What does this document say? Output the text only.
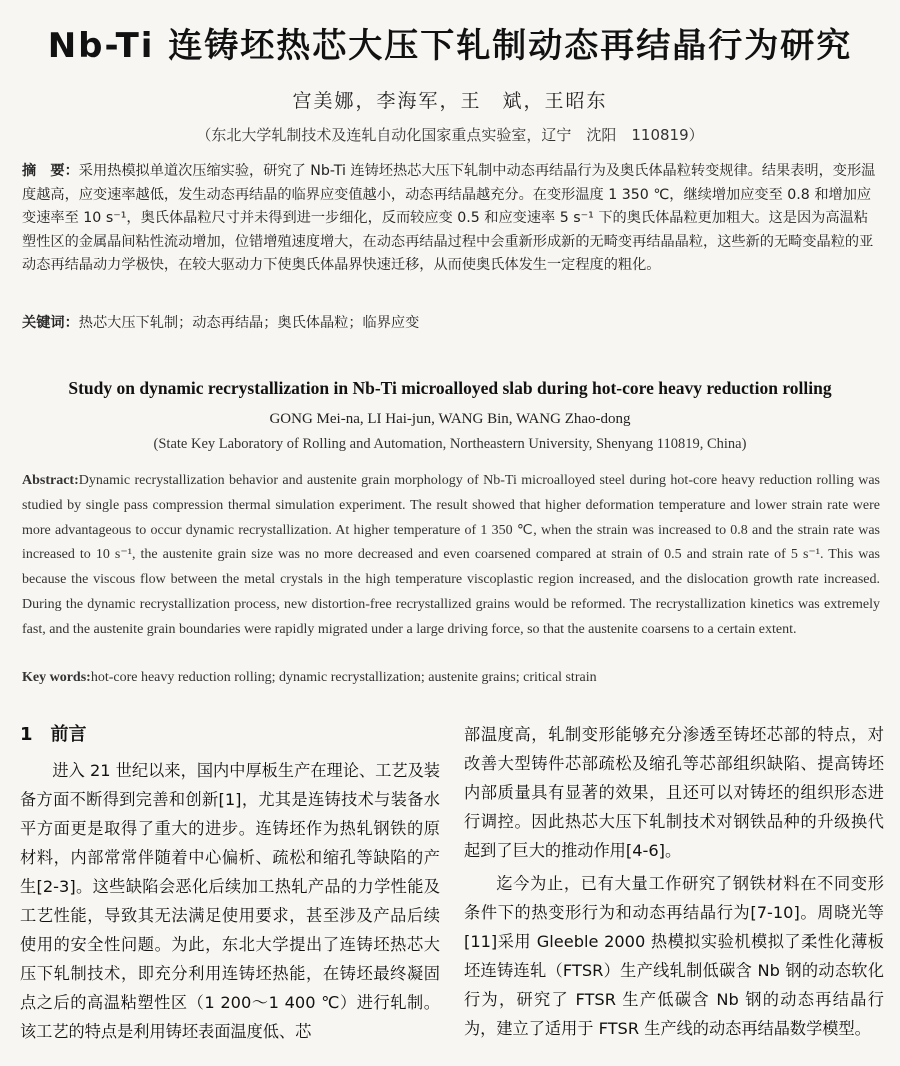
Nb-Ti 连铸坯热芯大压下轧制动态再结晶行为研究
宫美娜，李海军，王　斌，王昭东
（东北大学轧制技术及连轧自动化国家重点实验室，辽宁　沈阳　110819）
摘　要：采用热模拟单道次压缩实验，研究了 Nb-Ti 连铸坯热芯大压下轧制中动态再结晶行为及奥氏体晶粒转变规律。结果表明，变形温度越高，应变速率越低，发生动态再结晶的临界应变值越小，动态再结晶越充分。在变形温度 1 350 ℃，继续增加应变至 0.8 和增加应变速率至 10 s⁻¹，奥氏体晶粒尺寸并未得到进一步细化，反而较应变 0.5 和应变速率 5 s⁻¹ 下的奥氏体晶粒更加粗大。这是因为高温粘塑性区的金属晶间粘性流动增加，位错增殖速度增大，在动态再结晶过程中会重新形成新的无畸变再结晶晶粒，这些新的无畸变晶粒的亚动态再结晶动力学极快，在较大驱动力下使奥氏体晶界快速迁移，从而使奥氏体发生一定程度的粗化。
关键词：热芯大压下轧制；动态再结晶；奥氏体晶粒；临界应变
Study on dynamic recrystallization in Nb-Ti microalloyed slab during hot-core heavy reduction rolling
GONG Mei-na, LI Hai-jun, WANG Bin, WANG Zhao-dong
(State Key Laboratory of Rolling and Automation, Northeastern University, Shenyang 110819, China)
Abstract:Dynamic recrystallization behavior and austenite grain morphology of Nb-Ti microalloyed steel during hot-core heavy reduction rolling was studied by single pass compression thermal simulation experiment. The result showed that higher deformation temperature and lower strain rate were more advantageous to occur dynamic recrystallization. At higher temperature of 1 350 ℃, when the strain was increased to 0.8 and the strain rate was increased to 10 s⁻¹, the austenite grain size was no more decreased and even coarsened compared at strain of 0.5 and strain rate of 5 s⁻¹. This was because the viscous flow between the metal crystals in the high temperature viscoplastic region increased, and the dislocation growth rate increased. During the dynamic recrystallization process, new distortion-free recrystallized grains would be reformed. The recrystallization kinetics was extremely fast, and the austenite grain boundaries were rapidly migrated under a large driving force, so that the austenite coarsens to a certain extent.
Key words:hot-core heavy reduction rolling; dynamic recrystallization; austenite grains; critical strain
1　前言

进入 21 世纪以来，国内中厚板生产在理论、工艺及装备方面不断得到完善和创新[1]，尤其是连铸技术与装备水平方面更是取得了重大的进步。连铸坯作为热轧钢铁的原材料，内部常常伴随着中心偏析、疏松和缩孔等缺陷的产生[2-3]。这些缺陷会恶化后续加工热轧产品的力学性能及工艺性能，导致其无法满足使用要求，甚至涉及产品后续使用的安全性问题。为此，东北大学提出了连铸坯热芯大压下轧制技术，即充分利用连铸坯热能，在铸坯最终凝固点之后的高温粘塑性区（1 200～1 400 ℃）进行轧制。该工艺的特点是利用铸坯表面温度低、芯

部温度高，轧制变形能够充分渗透至铸坯芯部的特点，对改善大型铸件芯部疏松及缩孔等芯部组织缺陷、提高铸坯内部质量具有显著的效果，且还可以对铸坯的组织形态进行调控。因此热芯大压下轧制技术对钢铁品种的升级换代起到了巨大的推动作用[4-6]。

迄今为止，已有大量工作研究了钢铁材料在不同变形条件下的热变形行为和动态再结晶行为[7-10]。周晓光等[11]采用 Gleeble 2000 热模拟实验机模拟了柔性化薄板坯连铸连轧（FTSR）生产线轧制低碳含 Nb 钢的动态软化行为，研究了 FTSR 生产低碳含 Nb 钢的动态再结晶行为，建立了适用于 FTSR 生产线的动态再结晶数学模型。
